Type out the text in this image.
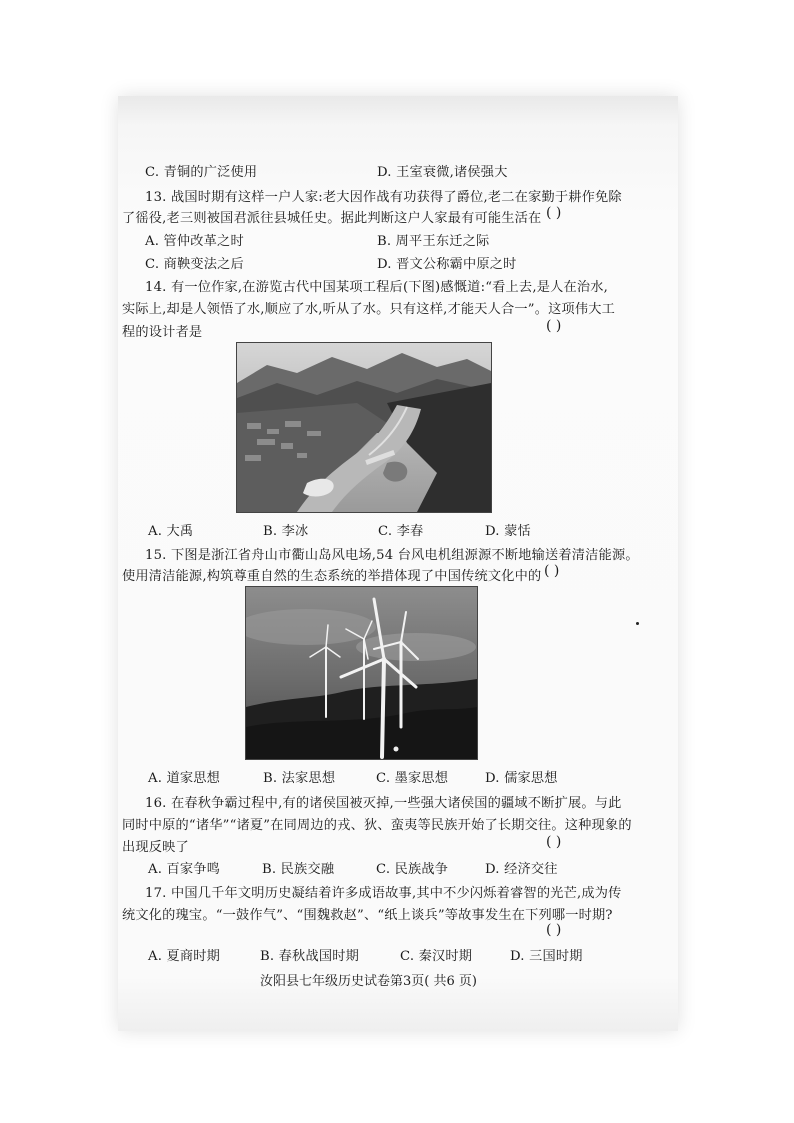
C. 青铜的广泛使用	D. 王室衰微,诸侯强大
13. 战国时期有这样一户人家:老大因作战有功获得了爵位,老二在家勤于耕作免除
了徭役,老三则被国君派往县城任史。据此判断这户人家最有可能生活在 ( )
A. 管仲改革之时	B. 周平王东迁之际
C. 商鞅变法之后	D. 晋文公称霸中原之时
14. 有一位作家,在游览古代中国某项工程后(下图)感慨道:“看上去,是人在治水,
实际上,却是人领悟了水,顺应了水,听从了水。只有这样,才能天人合一”。这项伟大工
程的设计者是	( )
A. 大禹	B. 李冰	C. 李春	D. 蒙恬
15. 下图是浙江省舟山市衢山岛风电场,54 台风电机组源源不断地输送着清洁能源。
使用清洁能源,构筑尊重自然的生态系统的举措体现了中国传统文化中的 ( )
A. 道家思想	B. 法家思想	C. 墨家思想	D. 儒家思想
16. 在春秋争霸过程中,有的诸侯国被灭掉,一些强大诸侯国的疆域不断扩展。与此
同时中原的“诸华”“诸夏”在同周边的戎、狄、蛮夷等民族开始了长期交往。这种现象的
出现反映了	( )
A. 百家争鸣	B. 民族交融	C. 民族战争	D. 经济交往
17. 中国几千年文明历史凝结着许多成语故事,其中不少闪烁着睿智的光芒,成为传
统文化的瑰宝。“一鼓作气”、“围魏救赵”、“纸上谈兵”等故事发生在下列哪一时期?
( )
A. 夏商时期	B. 春秋战国时期	C. 秦汉时期	D. 三国时期
汝阳县七年级历史试卷第3页( 共6 页)
